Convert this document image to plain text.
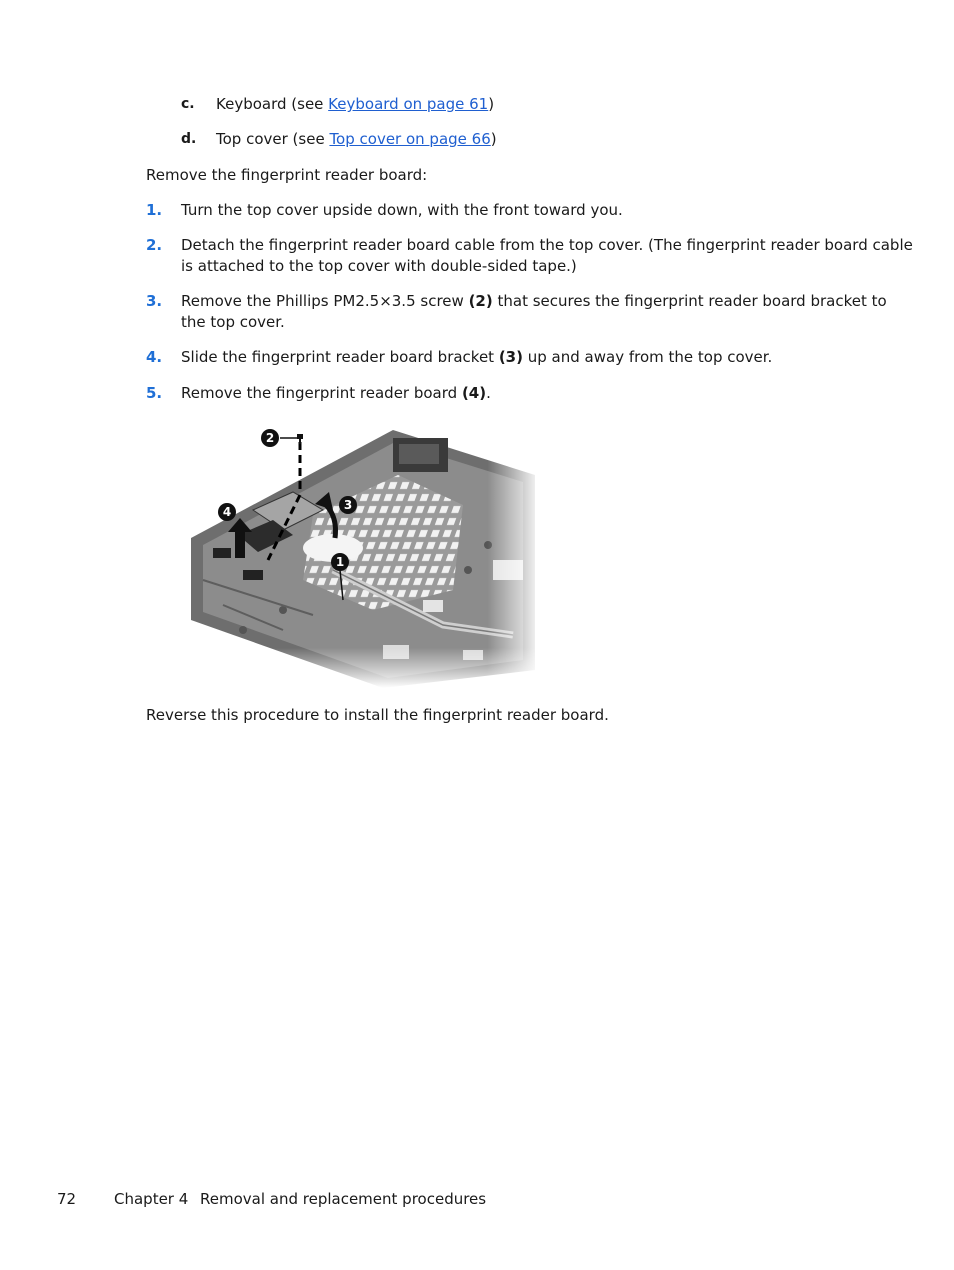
c. Keyboard (see Keyboard on page 61)
d. Top cover (see Top cover on page 66)
Remove the fingerprint reader board:
1. Turn the top cover upside down, with the front toward you.
2. Detach the fingerprint reader board cable from the top cover. (The fingerprint reader board cable
is attached to the top cover with double-sided tape.)
3. Remove the Phillips PM2.5×3.5 screw (2) that secures the fingerprint reader board bracket to
the top cover.
4. Slide the fingerprint reader board bracket (3) up and away from the top cover.
5. Remove the fingerprint reader board (4).
Reverse this procedure to install the fingerprint reader board.
72	Chapter 4 Removal and replacement procedures
